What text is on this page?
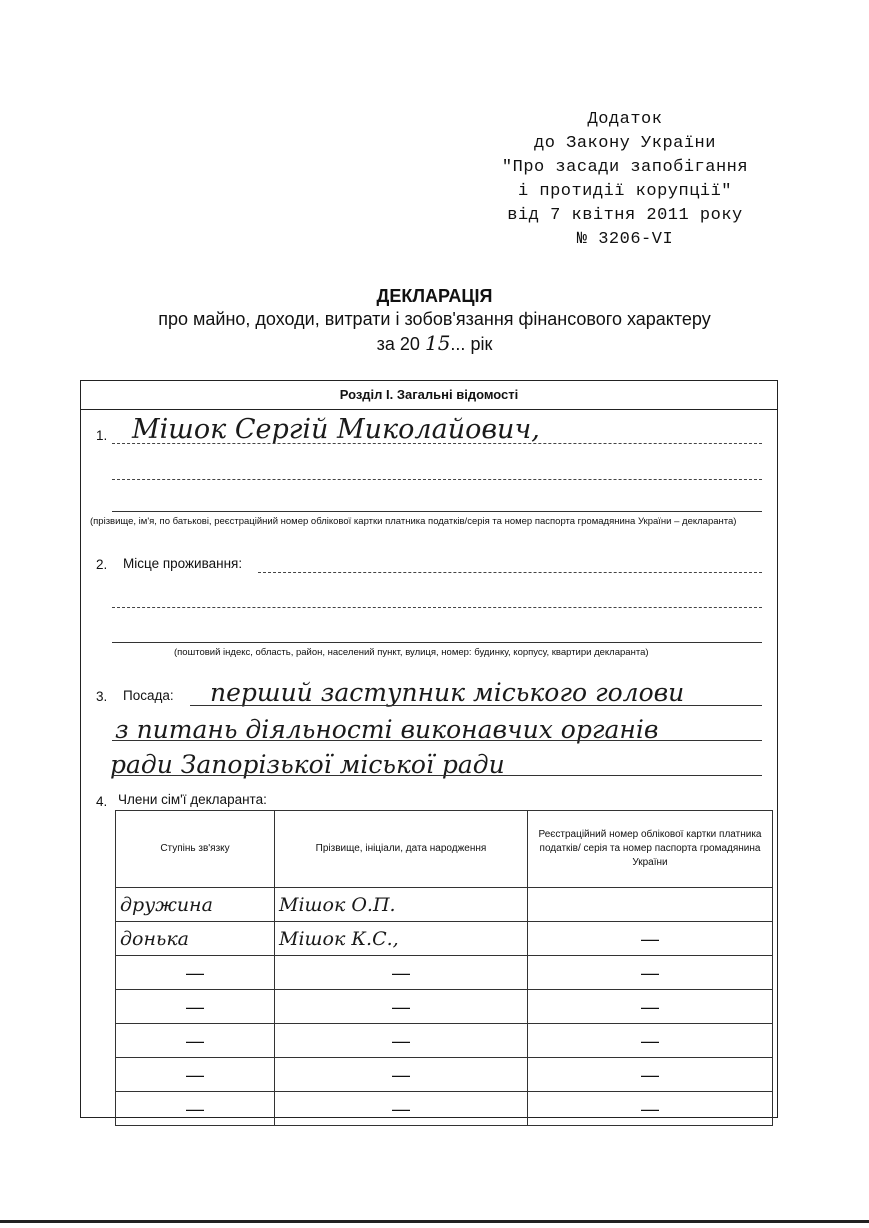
Додаток
до Закону України
"Про засади запобігання
і протидії корупції"
від 7 квітня 2011 року
№ 3206-VI
ДЕКЛАРАЦІЯ
про майно, доходи, витрати і зобов'язання фінансового характеру
за 20 15... рік
Розділ І. Загальні відомості
1. Мішок Сергій Миколайович,
(прізвище, ім'я, по батькові, реєстраційний номер облікової картки платника податків/серія та номер паспорта громадянина України – декларанта)
2. Місце проживання:
(поштовий індекс, область, район, населений пункт, вулиця, номер: будинку, корпусу, квартири декларанта)
3. Посада: перший заступник міського голови
з питань діяльності виконавчих органів
ради Запорізької міської ради
4. Члени сім'ї декларанта:
Ступінь зв'язку	Прізвище, ініціали, дата народження	Реєстраційний номер облікової картки платника податків/ серія та номер паспорта громадянина України
дружина	Мішок О.П.	
донька	Мішок К.С.,	—

—	—	—

—	—	—

—	—	—

—	—	—

—	—	—
